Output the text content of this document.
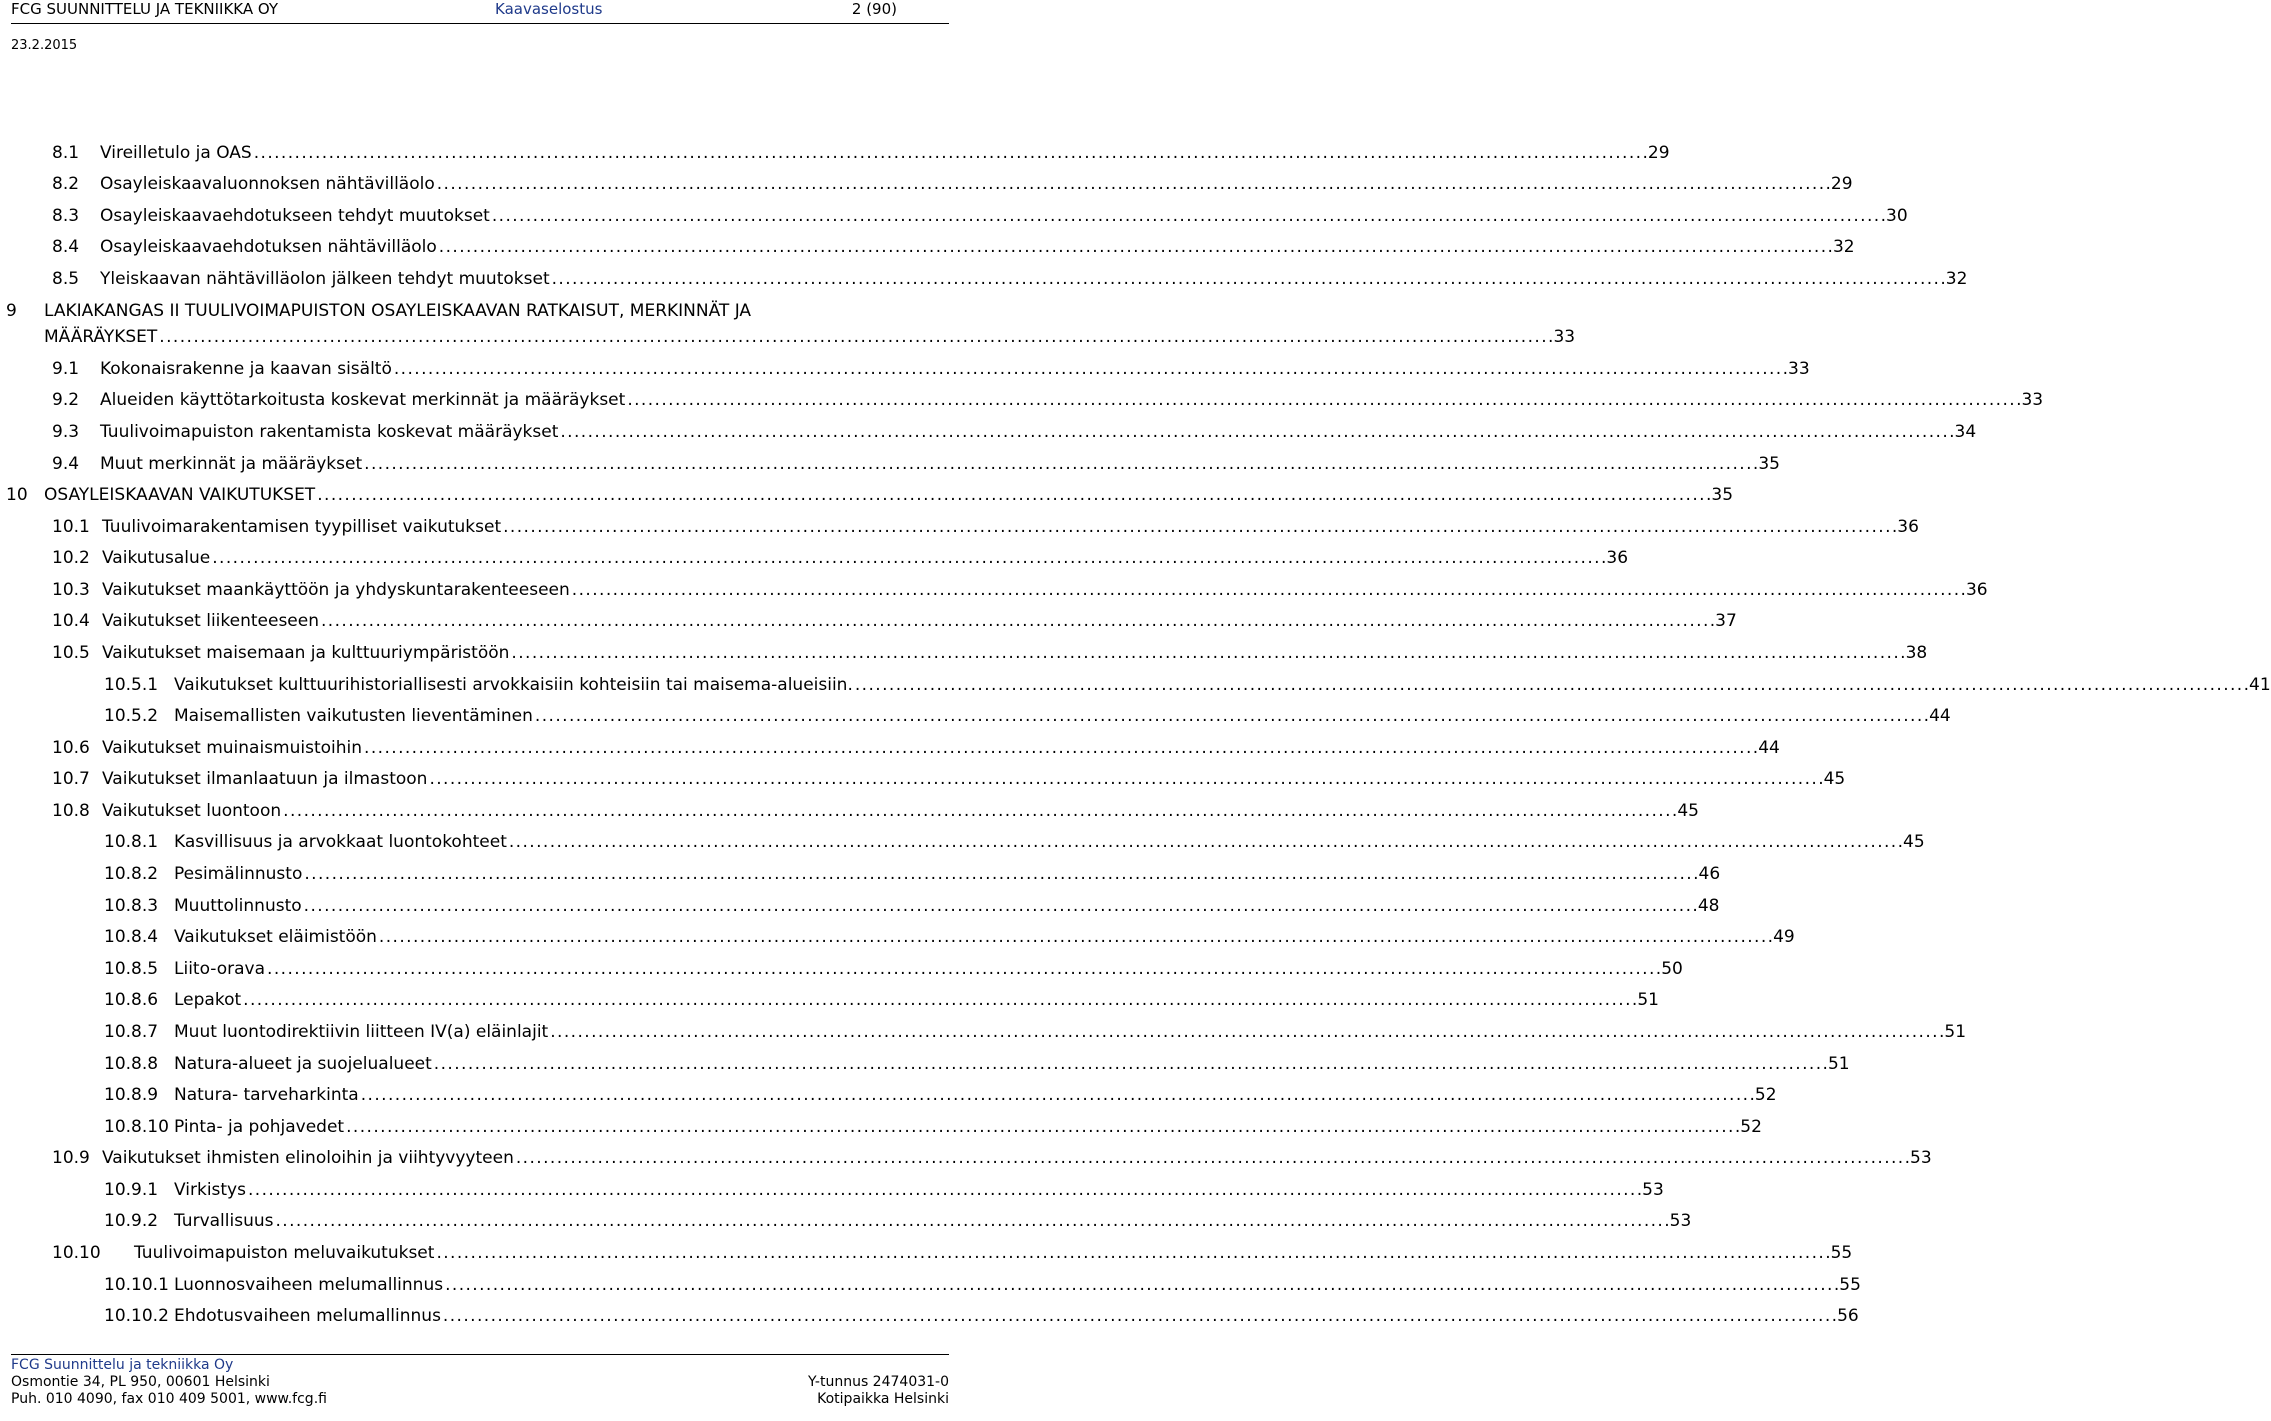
FCG SUUNNITTELU JA TEKNIIKKA OY	Kaavaselostus	2 (90)
23.2.2015
8.1	Vireilletulo ja OAS . . .	29
8.2	Osayleiskaavaluonnoksen nähtävilläolo . . .	29
8.3	Osayleiskaavaehdotukseen tehdyt muutokset . . .	30
8.4	Osayleiskaavaehdotuksen nähtävilläolo . . .	32
8.5	Yleiskaavan nähtävilläolon jälkeen tehdyt muutokset . . .	32
9 LAKIAKANGAS II TUULIVOIMAPUISTON OSAYLEISKAAVAN RATKAISUT, MERKINNÄT JA
MÄÄRÄYKSET . . .	33
9.1	Kokonaisrakenne ja kaavan sisältö . . .	33
9.2	Alueiden käyttötarkoitusta koskevat merkinnät ja määräykset . . .	33
9.3	Tuulivoimapuiston rakentamista koskevat määräykset . . .	34
9.4	Muut merkinnät ja määräykset . . .	35
10 OSAYLEISKAAVAN VAIKUTUKSET . . .	35
10.1 Tuulivoimarakentamisen tyypilliset vaikutukset . . .	36
10.2 Vaikutusalue . . .	36
10.3 Vaikutukset maankäyttöön ja yhdyskuntarakenteeseen . . .	36
10.4 Vaikutukset liikenteeseen . . .	37
10.5 Vaikutukset maisemaan ja kulttuuriympäristöön . . .	38
10.5.1 Vaikutukset kulttuurihistoriallisesti arvokkaisiin kohteisiin tai maisema-alueisiin. . . .	41
10.5.2 Maisemallisten vaikutusten lieventäminen . . .	44
10.6 Vaikutukset muinaismuistoihin . . .	44
10.7 Vaikutukset ilmanlaatuun ja ilmastoon . . .	45
10.8 Vaikutukset luontoon . . .	45
10.8.1 Kasvillisuus ja arvokkaat luontokohteet . . .	45
10.8.2 Pesimälinnusto . . .	46
10.8.3 Muuttolinnusto . . .	48
10.8.4 Vaikutukset eläimistöön . . .	49
10.8.5 Liito-orava . . .	50
10.8.6 Lepakot . . .	51
10.8.7 Muut luontodirektiivin liitteen IV(a) eläinlajit . . .	51
10.8.8 Natura-alueet ja suojelualueet . . .	51
10.8.9 Natura- tarveharkinta . . .	52
10.8.10 Pinta- ja pohjavedet . . .	52
10.9 Vaikutukset ihmisten elinoloihin ja viihtyvyyteen . . .	53
10.9.1 Virkistys . . .	53
10.9.2 Turvallisuus . . .	53
10.10	Tuulivoimapuiston meluvaikutukset . . .	55
10.10.1 Luonnosvaiheen melumallinnus . . .	55
10.10.2 Ehdotusvaiheen melumallinnus . . .	56
FCG Suunnittelu ja tekniikka Oy
Osmontie 34, PL 950, 00601 Helsinki	Y-tunnus 2474031-0
Puh. 010 4090, fax 010 409 5001, www.fcg.fi	Kotipaikka Helsinki
